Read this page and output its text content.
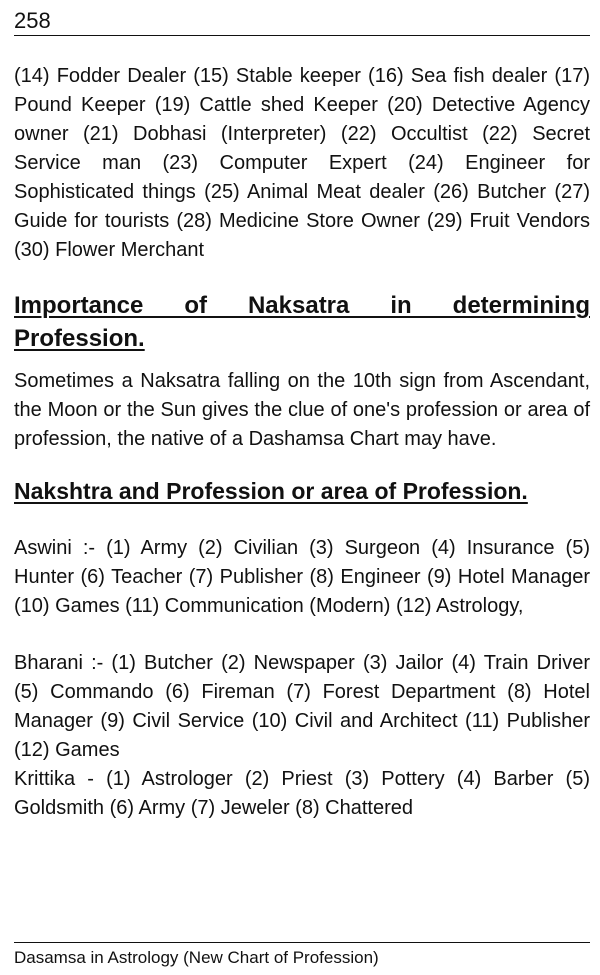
258

(14) Fodder Dealer (15) Stable keeper (16) Sea fish dealer (17) Pound Keeper (19) Cattle shed Keeper (20) Detective Agency owner (21) Dobhasi (Interpreter) (22) Occultist (22) Secret Service man (23) Computer Expert (24) Engineer for Sophisticated things (25) Animal Meat dealer (26) Butcher (27) Guide for tourists (28) Medicine Store Owner (29) Fruit Vendors (30) Flower Merchant

Importance of Naksatra in determining Profession.

Sometimes a Naksatra falling on the 10th sign from Ascendant, the Moon or the Sun gives the clue of one's profession or area of profession, the native of a Dashamsa Chart may have.

Nakshtra and Profession or area of Profession.

Aswini :- (1) Army (2) Civilian (3) Surgeon (4) Insurance (5) Hunter (6) Teacher (7) Publisher (8) Engineer (9) Hotel Manager (10) Games (11) Communication (Modern) (12) Astrology,

Bharani :- (1) Butcher (2) Newspaper (3) Jailor (4) Train Driver (5) Commando (6) Fireman (7) Forest Department (8) Hotel Manager (9) Civil Service (10) Civil and Architect (11) Publisher (12) Games

Krittika - (1) Astrologer (2) Priest (3) Pottery (4) Barber (5) Goldsmith (6) Army (7) Jeweler (8) Chattered

Dasamsa in Astrology (New Chart of Profession)
